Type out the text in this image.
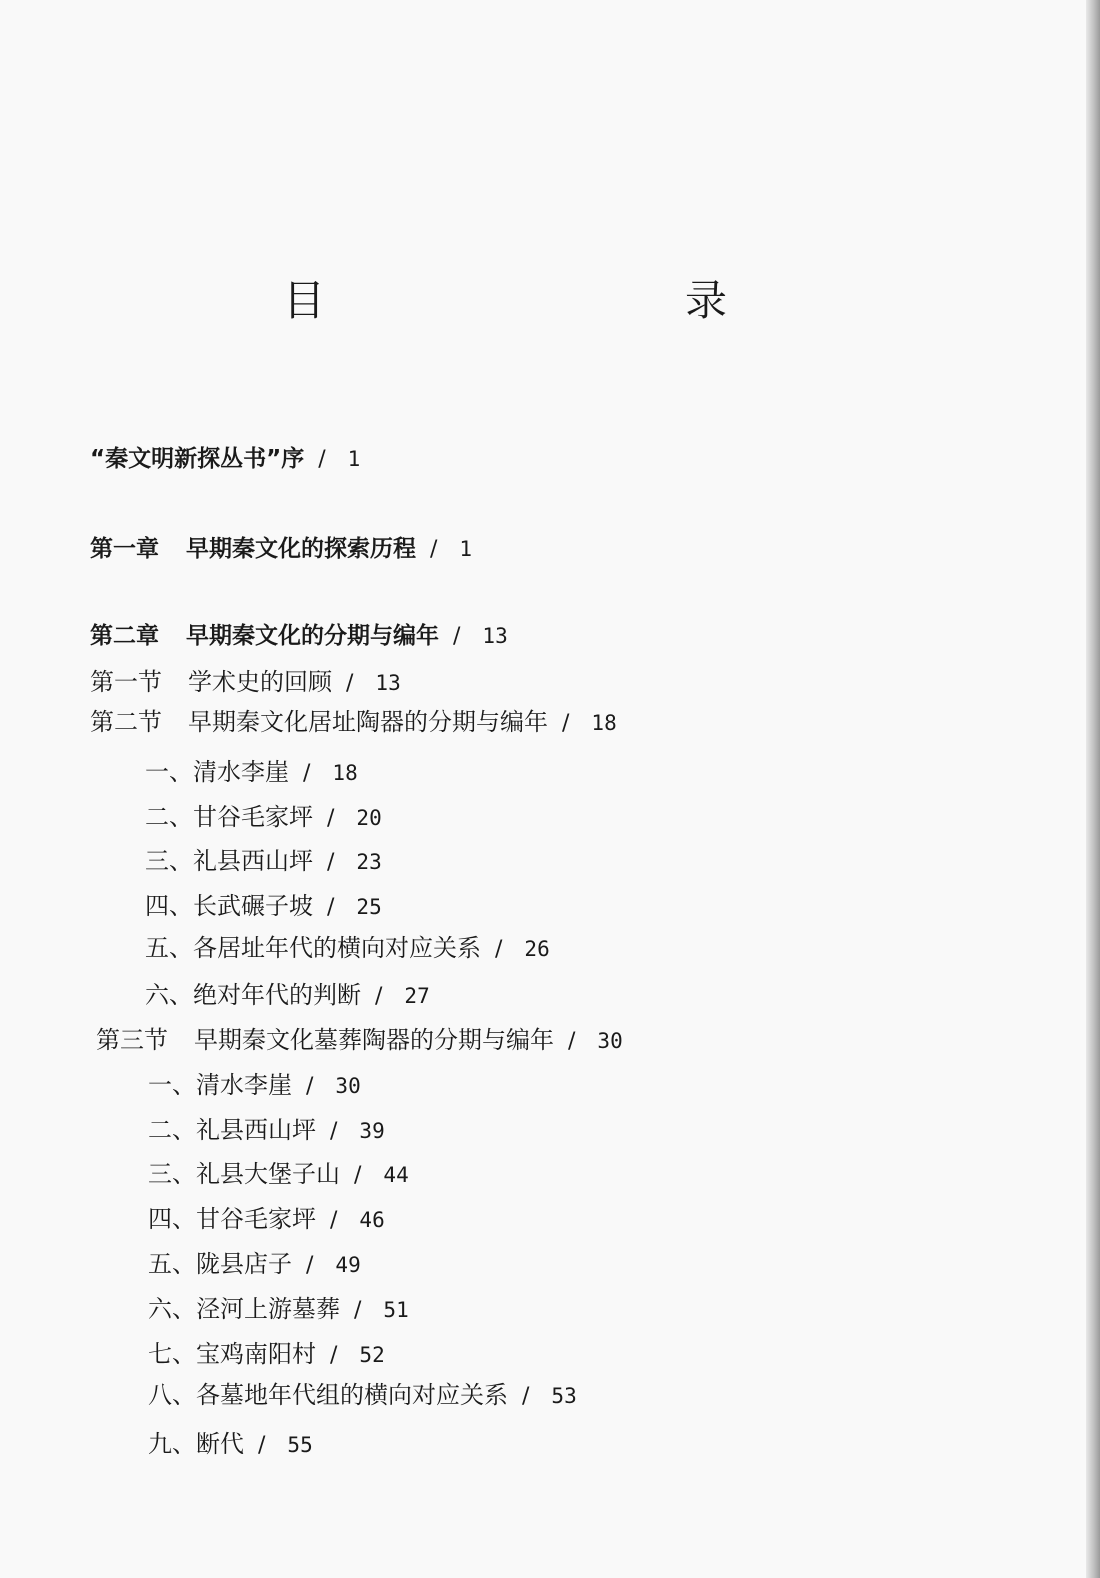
目　　录
“秦文明新探丛书”序 / 1
第一章 早期秦文化的探索历程 / 1
第二章 早期秦文化的分期与编年 / 13
第一节 学术史的回顾 / 13
第二节 早期秦文化居址陶器的分期与编年 / 18
一、清水李崖 / 18
二、甘谷毛家坪 / 20
三、礼县西山坪 / 23
四、长武碾子坡 / 25
五、各居址年代的横向对应关系 / 26
六、绝对年代的判断 / 27
第三节 早期秦文化墓葬陶器的分期与编年 / 30
一、清水李崖 / 30
二、礼县西山坪 / 39
三、礼县大堡子山 / 44
四、甘谷毛家坪 / 46
五、陇县店子 / 49
六、泾河上游墓葬 / 51
七、宝鸡南阳村 / 52
八、各墓地年代组的横向对应关系 / 53
九、断代 / 55
